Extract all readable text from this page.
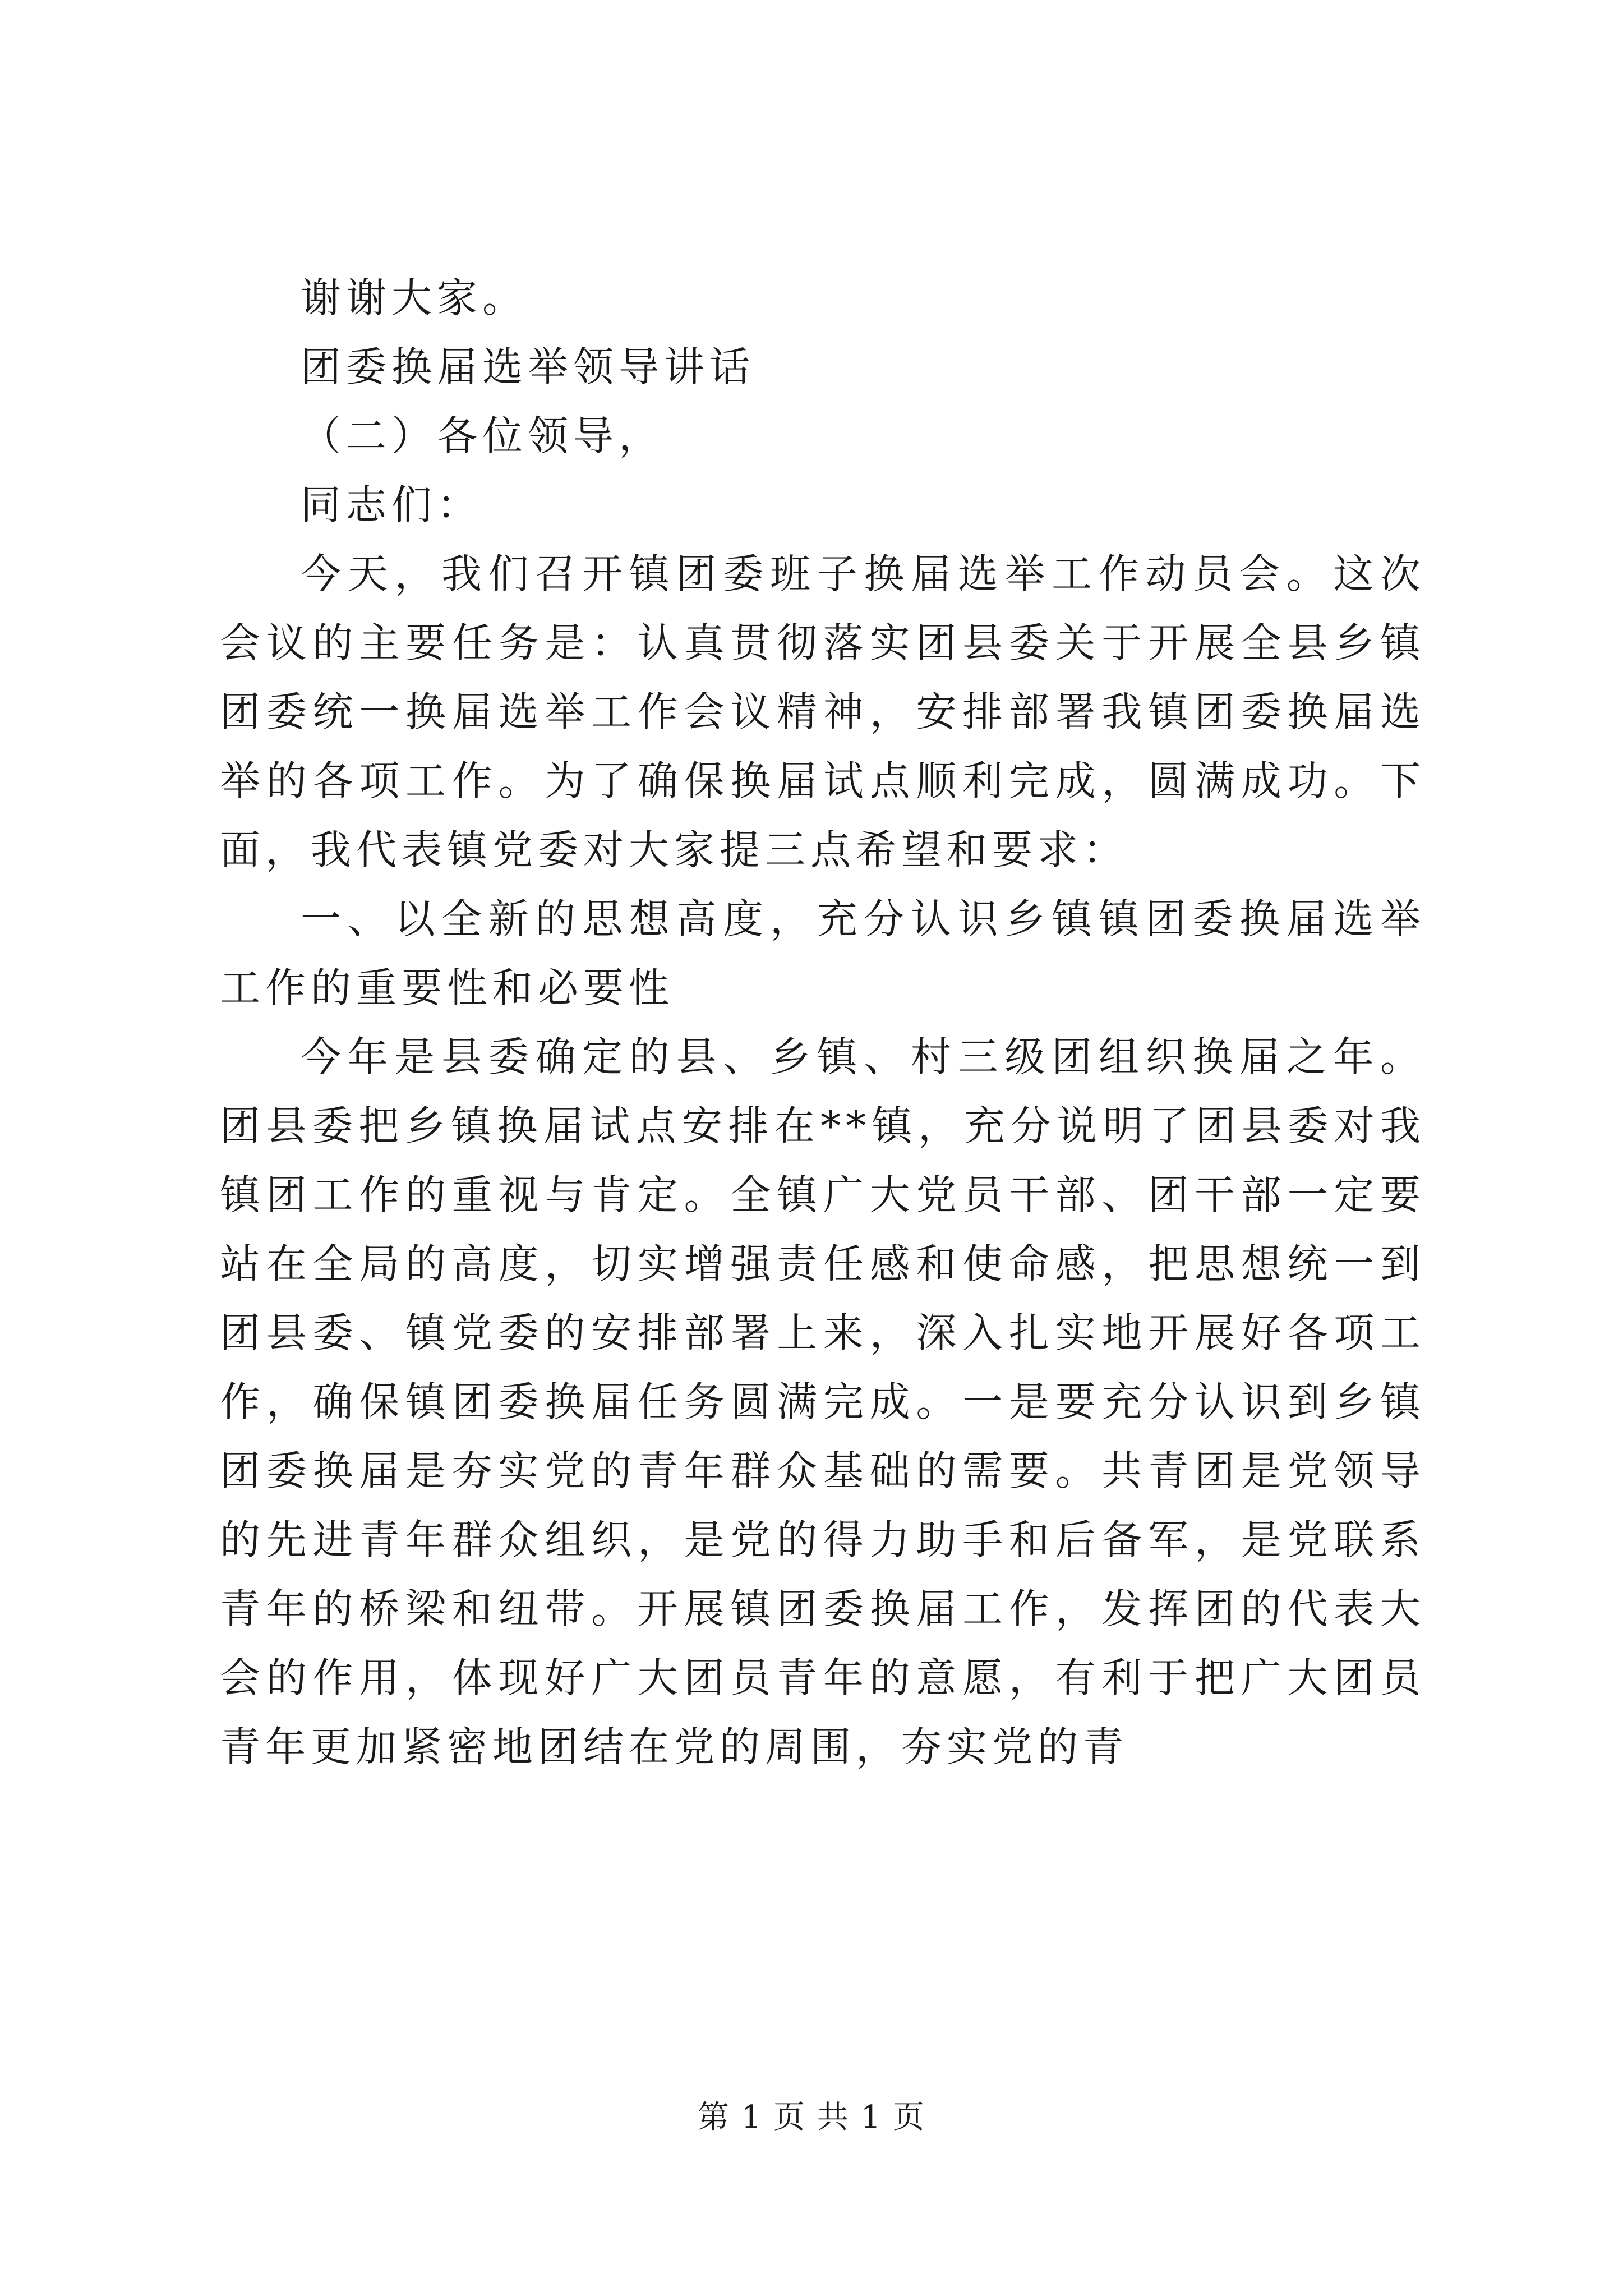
谢谢大家。

团委换届选举领导讲话

（二）各位领导，

同志们：

今天，我们召开镇团委班子换届选举工作动员会。这次会议的主要任务是：认真贯彻落实团县委关于开展全县乡镇团委统一换届选举工作会议精神，安排部署我镇团委换届选举的各项工作。为了确保换届试点顺利完成，圆满成功。下面，我代表镇党委对大家提三点希望和要求：

一、以全新的思想高度，充分认识乡镇镇团委换届选举工作的重要性和必要性

今年是县委确定的县、乡镇、村三级团组织换届之年。团县委把乡镇换届试点安排在**镇，充分说明了团县委对我镇团工作的重视与肯定。全镇广大党员干部、团干部一定要站在全局的高度，切实增强责任感和使命感，把思想统一到团县委、镇党委的安排部署上来，深入扎实地开展好各项工作，确保镇团委换届任务圆满完成。一是要充分认识到乡镇团委换届是夯实党的青年群众基础的需要。共青团是党领导的先进青年群众组织，是党的得力助手和后备军，是党联系青年的桥梁和纽带。开展镇团委换届工作，发挥团的代表大会的作用，体现好广大团员青年的意愿，有利于把广大团员青年更加紧密地团结在党的周围，夯实党的青

第 1 页 共 1 页
